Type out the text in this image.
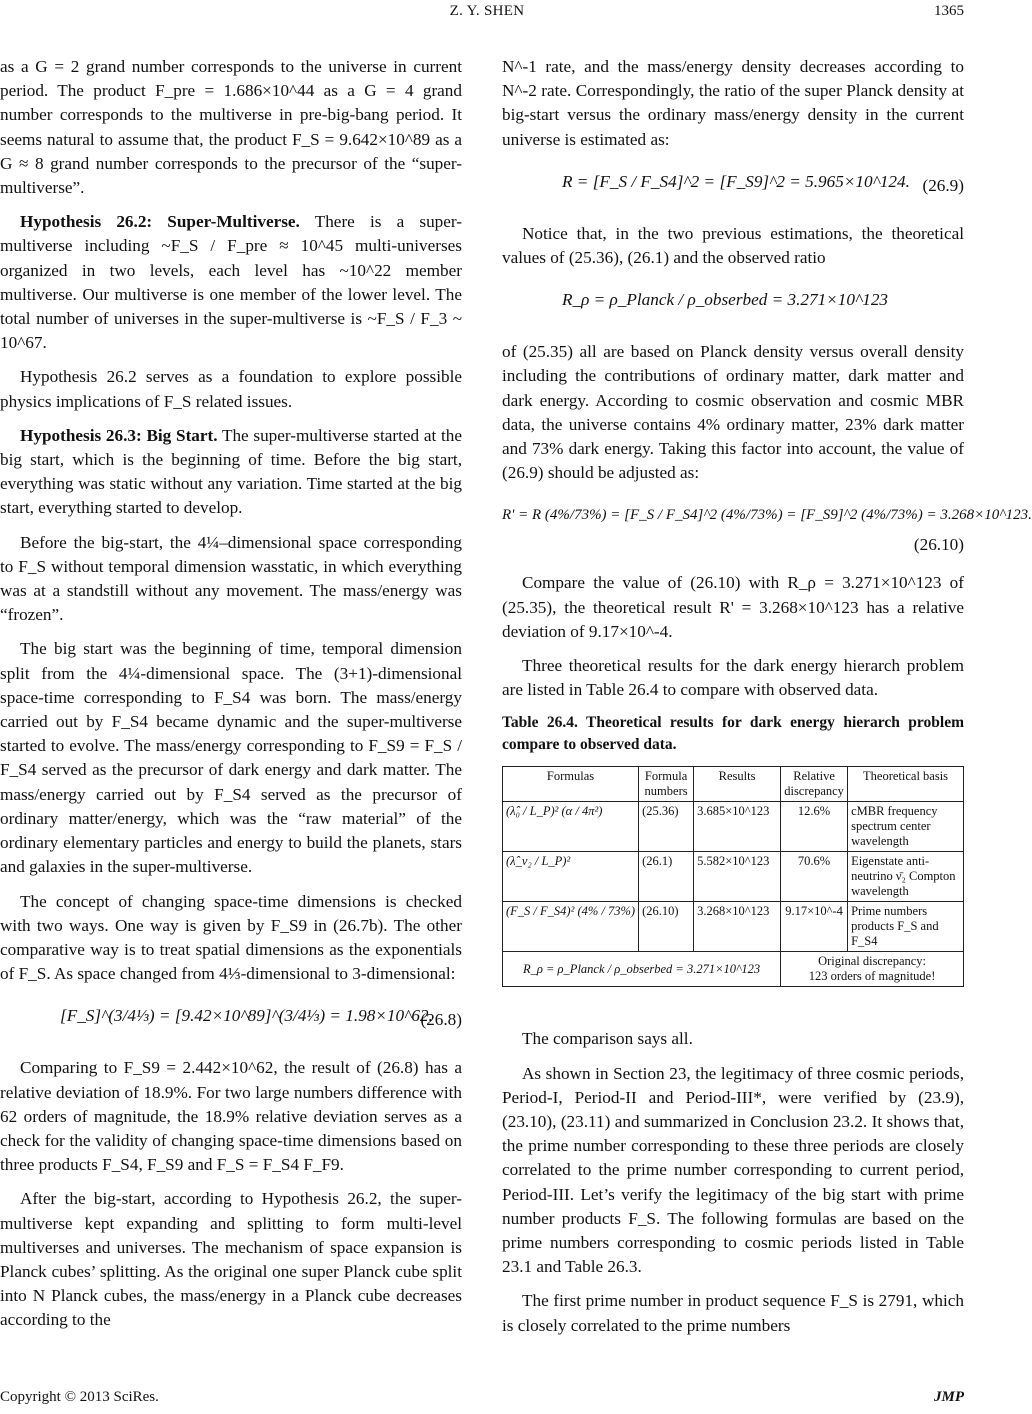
Z. Y. SHEN	1365

as a G = 2 grand number corresponds to the universe in current period. The product F_pre = 1.686×10^44 as a G = 4 grand number corresponds to the multiverse in pre-big-bang period. It seems natural to assume that, the product F_S = 9.642×10^89 as a G ≈ 8 grand number corresponds to the precursor of the “super-multiverse”.

Hypothesis 26.2: Super-Multiverse. There is a super-multiverse including ~F_S / F_pre ≈ 10^45 multi-universes organized in two levels, each level has ~10^22 member multiverse. Our multiverse is one member of the lower level. The total number of universes in the super-multiverse is ~F_S / F_3 ~ 10^67.

Hypothesis 26.2 serves as a foundation to explore possible physics implications of F_S related issues.

Hypothesis 26.3: Big Start. The super-multiverse started at the big start, which is the beginning of time. Before the big start, everything was static without any variation. Time started at the big start, everything started to develop.

Before the big-start, the 4¼–dimensional space corresponding to F_S without temporal dimension wasstatic, in which everything was at a standstill without any movement. The mass/energy was “frozen”.

The big start was the beginning of time, temporal dimension split from the 4¼-dimensional space. The (3+1)-dimensional space-time corresponding to F_S4 was born. The mass/energy carried out by F_S4 became dynamic and the super-multiverse started to evolve. The mass/energy corresponding to F_S9 = F_S / F_S4 served as the precursor of dark energy and dark matter. The mass/energy carried out by F_S4 served as the precursor of ordinary matter/energy, which was the “raw material” of the ordinary elementary particles and energy to build the planets, stars and galaxies in the super-multiverse.

The concept of changing space-time dimensions is checked with two ways. One way is given by F_S9 in (26.7b). The other comparative way is to treat spatial dimensions as the exponentials of F_S. As space changed from 4⅓-dimensional to 3-dimensional:

[F_S]^(3/4⅓) = [9.42×10^89]^(3/4⅓) = 1.98×10^62.
(26.8)

Comparing to F_S9 = 2.442×10^62, the result of (26.8) has a relative deviation of 18.9%. For two large numbers difference with 62 orders of magnitude, the 18.9% relative deviation serves as a check for the validity of changing space-time dimensions based on three products F_S4, F_S9 and F_S = F_S4 F_F9.

After the big-start, according to Hypothesis 26.2, the super-multiverse kept expanding and splitting to form multi-level multiverses and universes. The mechanism of space expansion is Planck cubes’ splitting. As the original one super Planck cube split into N Planck cubes, the mass/energy in a Planck cube decreases according to the

N^-1 rate, and the mass/energy density decreases according to N^-2 rate. Correspondingly, the ratio of the super Planck density at big-start versus the ordinary mass/energy density in the current universe is estimated as:

R = [F_S / F_S4]^2 = [F_S9]^2 = 5.965×10^124. (26.9)

Notice that, in the two previous estimations, the theoretical values of (25.36), (26.1) and the observed ratio

R_ρ = ρ_Planck / ρ_obserbed = 3.271×10^123

of (25.35) all are based on Planck density versus overall density including the contributions of ordinary matter, dark matter and dark energy. According to cosmic observation and cosmic MBR data, the universe contains 4% ordinary matter, 23% dark matter and 73% dark energy. Taking this factor into account, the value of (26.9) should be adjusted as:

R' = R (4%/73%) = [F_S / F_S4]^2 (4%/73%) = [F_S9]^2 (4%/73%) = 3.268×10^123.
(26.10)

Compare the value of (26.10) with R_ρ = 3.271×10^123 of (25.35), the theoretical result R' = 3.268×10^123 has a relative deviation of 9.17×10^-4.

Three theoretical results for the dark energy hierarch problem are listed in Table 26.4 to compare with observed data.

Table 26.4. Theoretical results for dark energy hierarch problem compare to observed data.

Formulas	Formula numbers	Results	Relative discrepancy	Theoretical basis
(λ̂₀ / L_P)² (α / 4π²)	(25.36)	3.685×10^123	12.6%	cMBR frequency spectrum center wavelength
(λ̂_ν₂ / L_P)²	(26.1)	5.582×10^123	70.6%	Eigenstate anti-neutrino ν̄₂ Compton wavelength
(F_S / F_S4)² (4% / 73%)	(26.10)	3.268×10^123	9.17×10^-4	Prime numbers products F_S and F_S4
R_ρ = ρ_Planck / ρ_obserbed = 3.271×10^123			Original discrepancy:
123 orders of magnitude!	

The comparison says all.

As shown in Section 23, the legitimacy of three cosmic periods, Period-I, Period-II and Period-III*, were verified by (23.9), (23.10), (23.11) and summarized in Conclusion 23.2. It shows that, the prime number corresponding to these three periods are closely correlated to the prime number corresponding to current period, Period-III. Let’s verify the legitimacy of the big start with prime number products F_S. The following formulas are based on the prime numbers corresponding to cosmic periods listed in Table 23.1 and Table 26.3.

The first prime number in product sequence F_S is 2791, which is closely correlated to the prime numbers

Copyright © 2013 SciRes.	JMP
